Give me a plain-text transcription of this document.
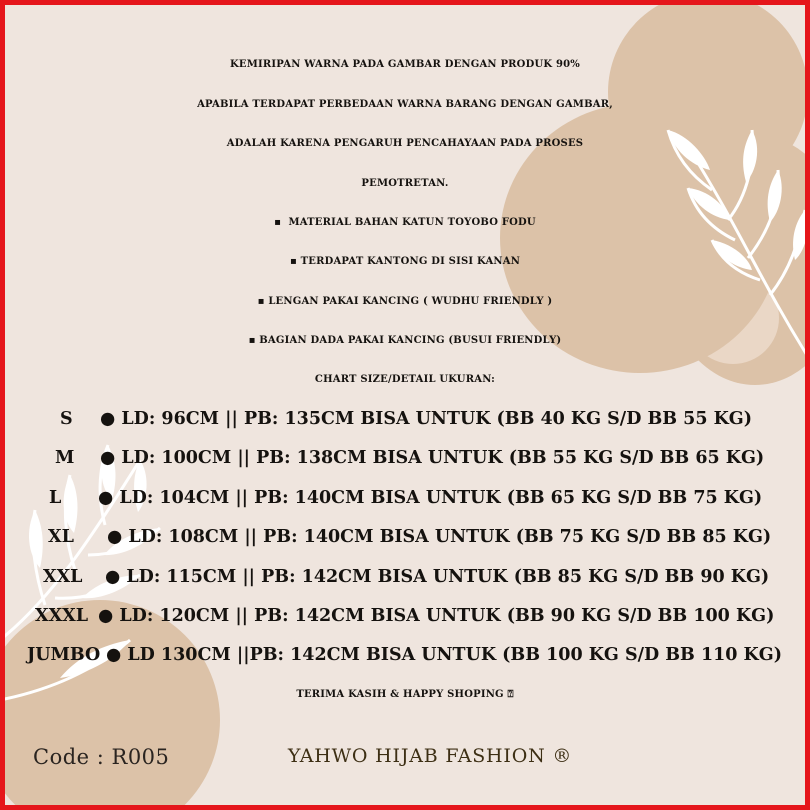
KEMIRIPAN WARNA PADA GAMBAR DENGAN PRODUK 90%
APABILA TERDAPAT PERBEDAAN WARNA BARANG DENGAN GAMBAR,
ADALAH KARENA PENGARUH PENCAHAYAAN PADA PROSES
PEMOTRETAN.
▪ MATERIAL BAHAN KATUN TOYOBO FODU
▪ TERDAPAT KANTONG DI SISI KANAN
▪ LENGAN PAKAI KANCING ( WUDHU FRIENDLY )
▪ BAGIAN DADA PAKAI KANCING (BUSUI FRIENDLY)
CHART SIZE/DETAIL UKURAN:
S ● LD: 96CM || PB: 135CM BISA UNTUK (BB 40 KG S/D BB 55 KG)
M ● LD: 100CM || PB: 138CM BISA UNTUK (BB 55 KG S/D BB 65 KG)
L ● LD: 104CM || PB: 140CM BISA UNTUK (BB 65 KG S/D BB 75 KG)
XL ● LD: 108CM || PB: 140CM BISA UNTUK (BB 75 KG S/D BB 85 KG)
XXL ● LD: 115CM || PB: 142CM BISA UNTUK (BB 85 KG S/D BB 90 KG)
XXXL ● LD: 120CM || PB: 142CM BISA UNTUK (BB 90 KG S/D BB 100 KG)
JUMBO ● LD 130CM ||PB: 142CM BISA UNTUK (BB 100 KG S/D BB 110 KG)
TERIMA KASIH & HAPPY SHOPING ⍰
Code : R005	YAHWO HIJAB FASHION ®
